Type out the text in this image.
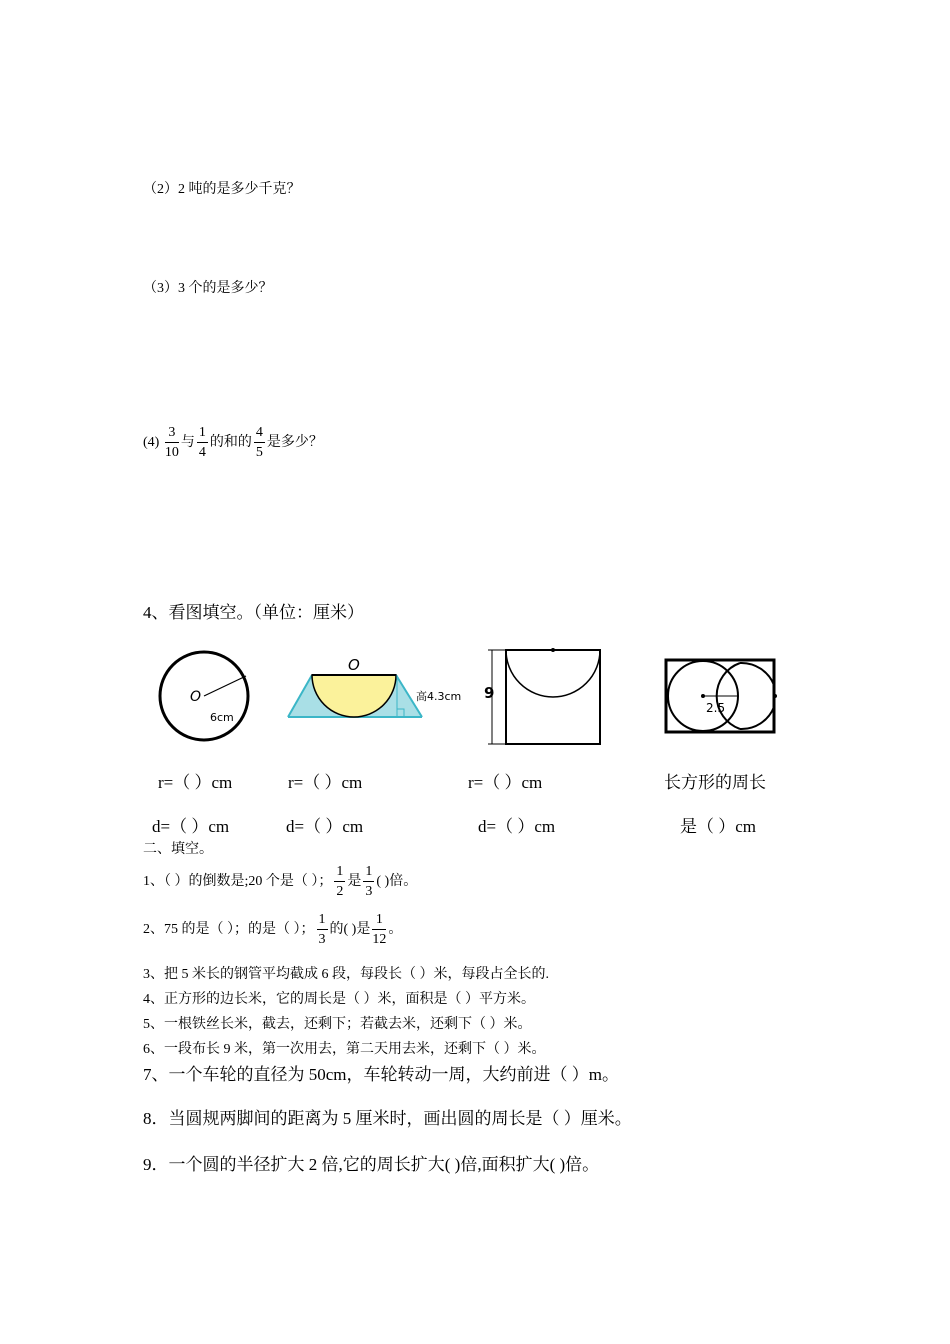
（2）2 吨的是多少千克？
（3）3 个的是多少？
$(4) \frac{3}{10}$ 与 $\frac{1}{4}$ 的和的 $\frac{4}{5}$ 是多少？
4、看图填空。（单位：厘米）
O
6cm
O
高4.3cm 9
2.5
r=（ ）cm	r=（ ）cm	r=（ ）cm	长方形的周长
d=（ ）cm	d=（ ）cm	d=（ ）cm	是（ ）cm
二、填空。
1、（ ）的倒数是;20 个是（ ）； $\frac{1}{2}$ 是 $\frac{1}{3}$ ( )倍。
2、75 的是（ ）；的是（ ）； $\frac{1}{3}$ 的( )是 $\frac{1}{12}$ 。
3、把 5 米长的钢管平均截成 6 段，每段长（ ）米，每段占全长的.
4、正方形的边长米，它的周长是（ ）米，面积是（ ）平方米。
5、一根铁丝长米，截去，还剩下；若截去米，还剩下（ ）米。
6、一段布长 9 米，第一次用去，第二天用去米，还剩下（ ）米。
7、一个车轮的直径为 50cm，车轮转动一周，大约前进（ ）m。
8．当圆规两脚间的距离为 5 厘米时，画出圆的周长是（ ）厘米。
9．一个圆的半径扩大 2 倍,它的周长扩大( )倍,面积扩大( )倍。
